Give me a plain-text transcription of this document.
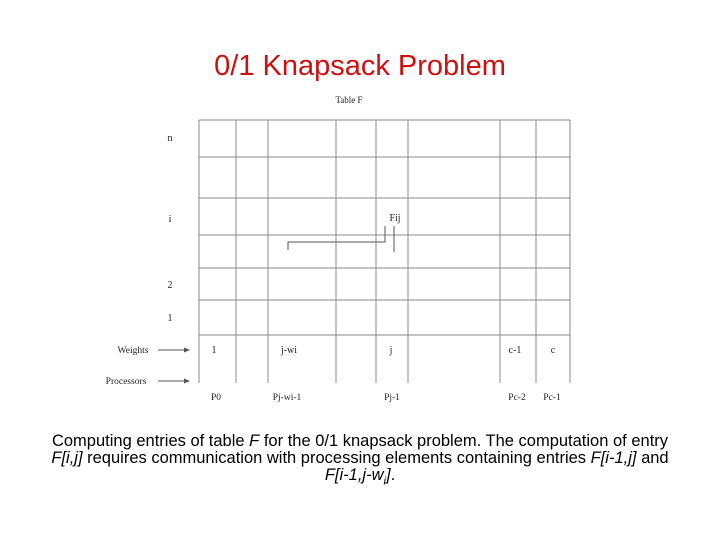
0/1 Knapsack Problem
Table F
n
i
2
1
Fij
Weights
Processors
1	j-wi	j	c-1	c
P0	Pj-wi-1	Pj-1	Pc-2 Pc-1
Computing entries of table F for the 0/1 knapsack problem. The computation of entry F[i,j] requires communication with processing elements containing entries F[i-1,j] and $F[i-1,j-w_i]$.
